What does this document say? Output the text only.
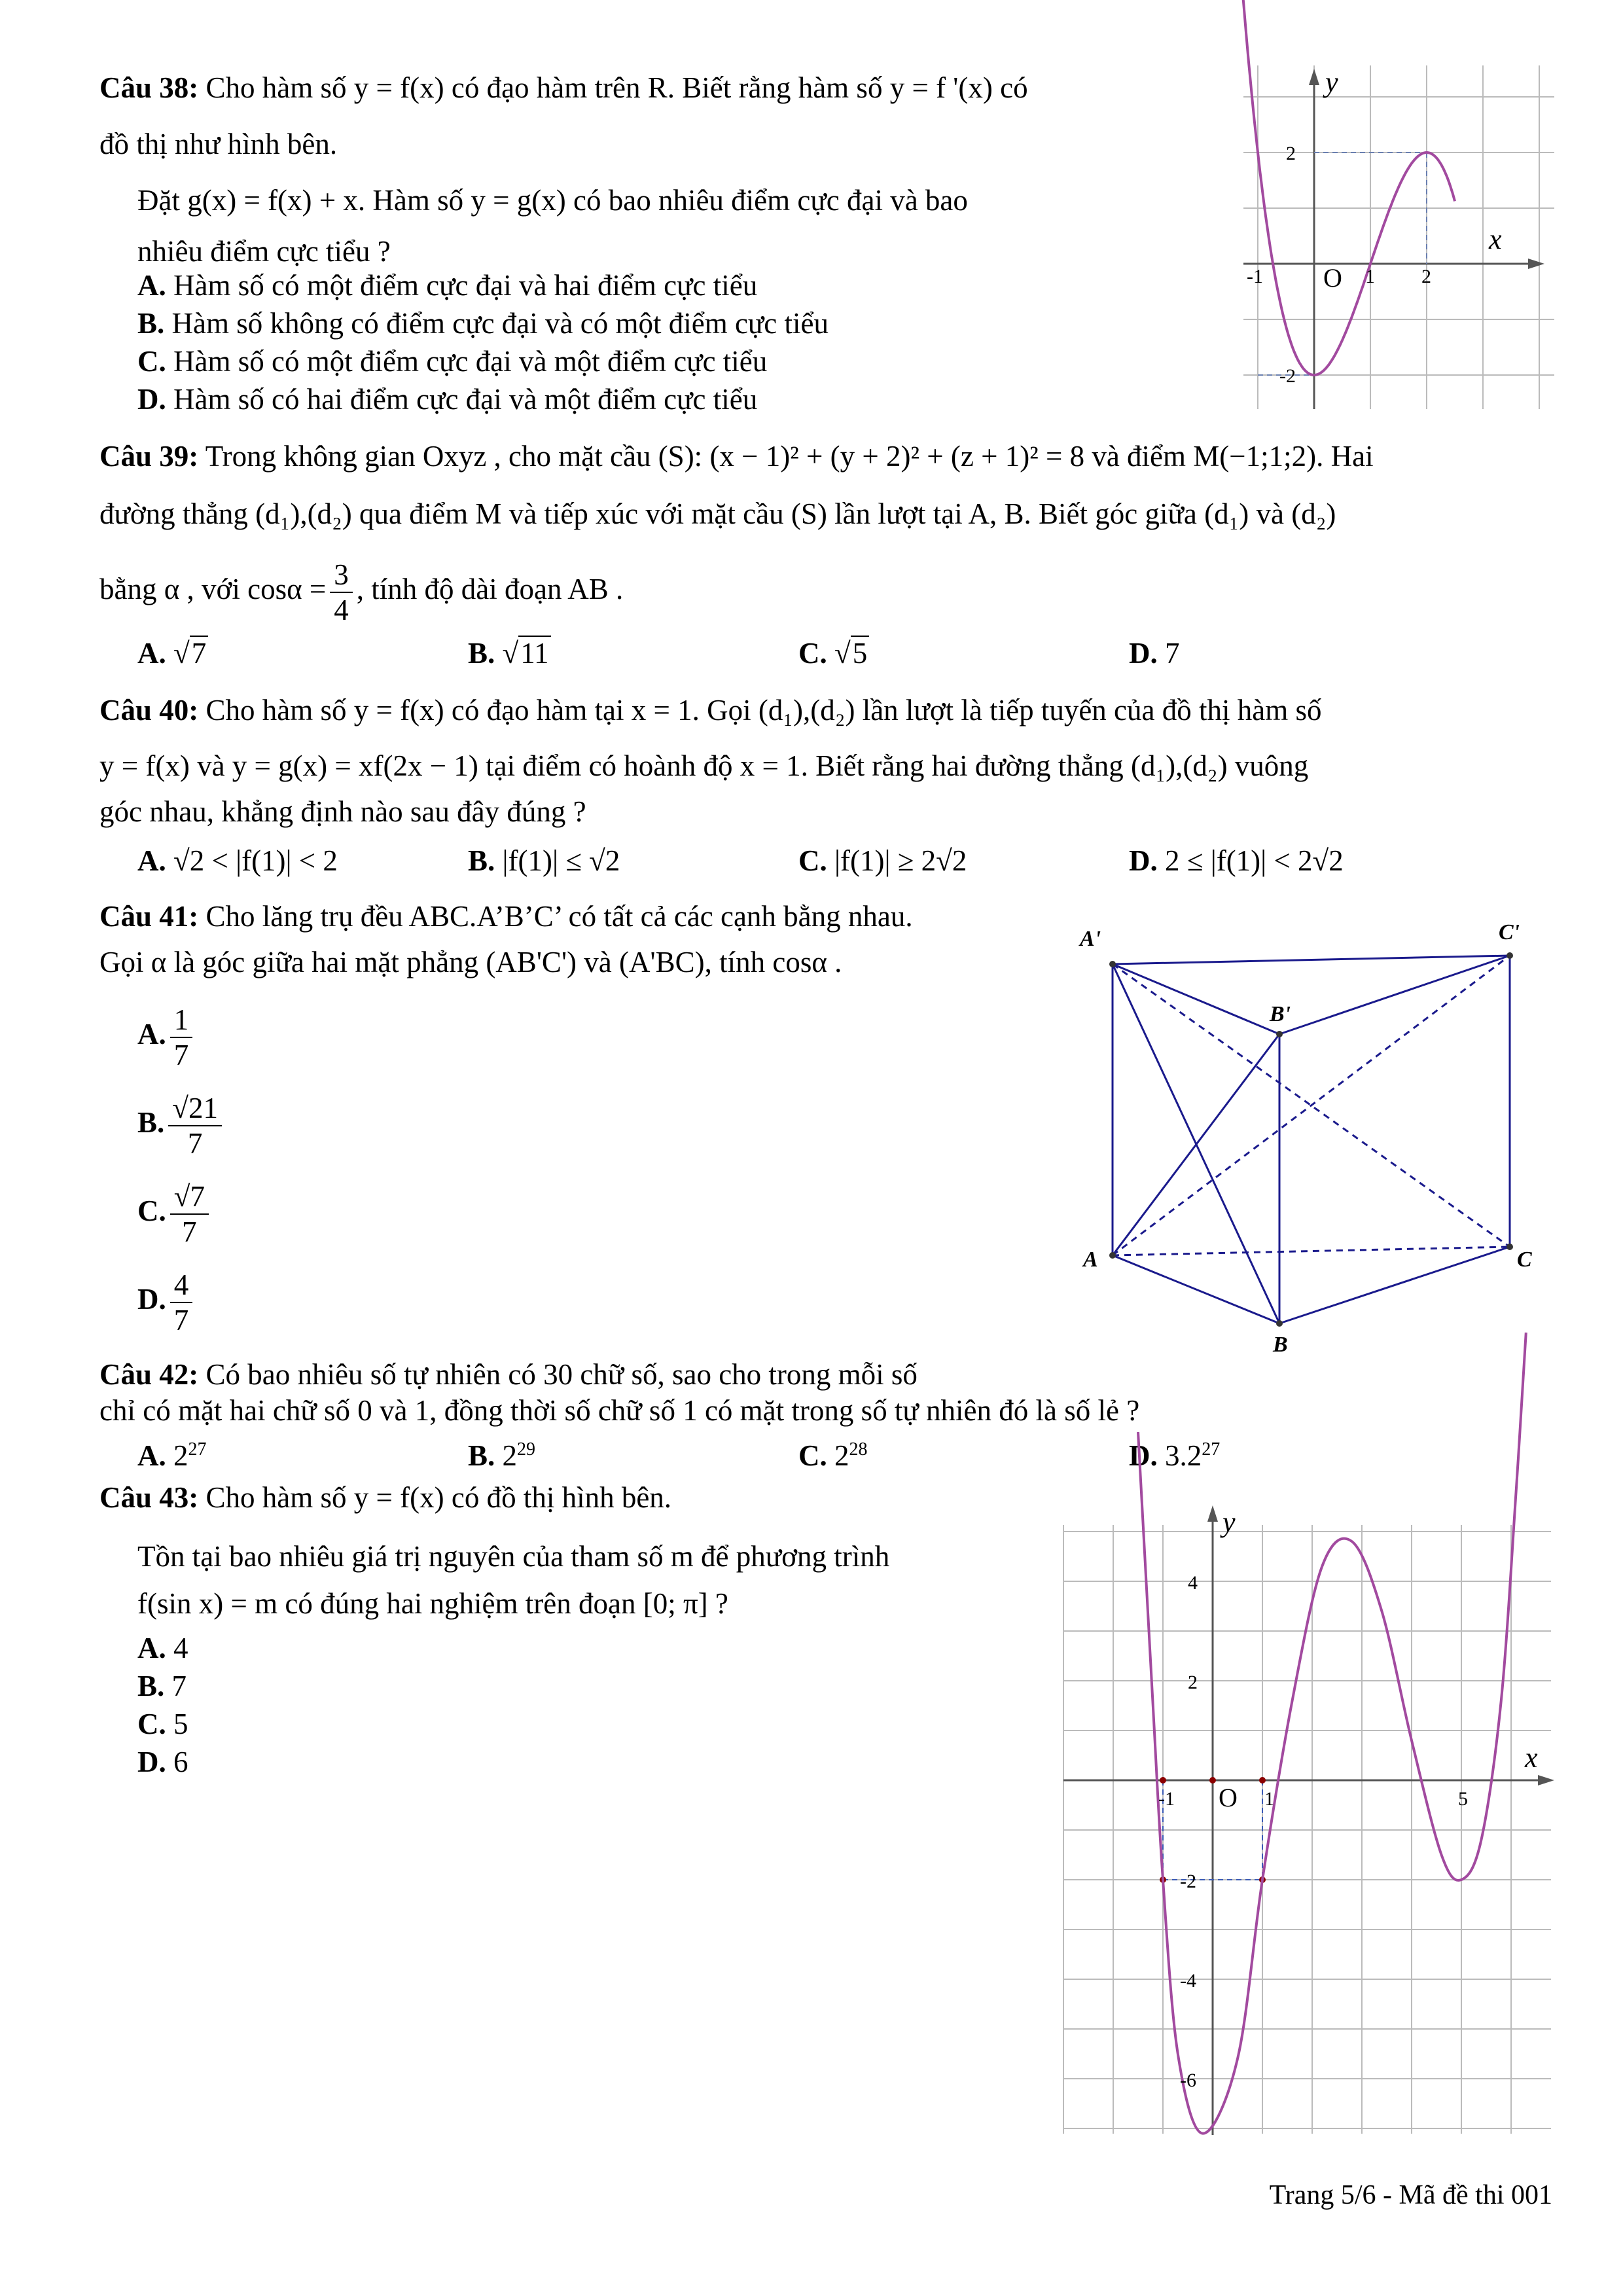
Câu 38: Cho hàm số y = f(x) có đạo hàm trên R. Biết rằng hàm số y = f '(x) có
đồ thị như hình bên.
Đặt g(x) = f(x) + x. Hàm số y = g(x) có bao nhiêu điểm cực đại và bao
nhiêu điểm cực tiểu ?
A. Hàm số có một điểm cực đại và hai điểm cực tiểu
B. Hàm số không có điểm cực đại và có một điểm cực tiểu
C. Hàm số có một điểm cực đại và một điểm cực tiểu
D. Hàm số có hai điểm cực đại và một điểm cực tiểu
y
x
O
2
-2
-1	1 2
Câu 39: Trong không gian Oxyz , cho mặt cầu (S): (x − 1)² + (y + 2)² + (z + 1)² = 8 và điểm M(−1;1;2). Hai
đường thẳng (d₁),(d₂) qua điểm M và tiếp xúc với mặt cầu (S) lần lượt tại A, B. Biết góc giữa (d₁) và (d₂)
bằng α , với $\cos\alpha = \frac{3}{4}$ , tính độ dài đoạn AB .
A. √7	B. √11	C. √5	D. 7
Câu 40: Cho hàm số y = f(x) có đạo hàm tại x = 1. Gọi (d₁),(d₂) lần lượt là tiếp tuyến của đồ thị hàm số
y = f(x) và y = g(x) = xf(2x − 1) tại điểm có hoành độ x = 1. Biết rằng hai đường thẳng (d₁),(d₂) vuông
góc nhau, khẳng định nào sau đây đúng ?
A. √2 < |f(1)| < 2	B. |f(1)| ≤ √2	C. |f(1)| ≥ 2√2	D. 2 ≤ |f(1)| < 2√2
Câu 41: Cho lăng trụ đều ABC.A’B’C’ có tất cả các cạnh bằng nhau.
Gọi α là góc giữa hai mặt phẳng (AB'C') và (A'BC), tính cosα .
A. $\frac{1}{7}$
B. $\frac{√21}{7}$
C. $\frac{√7}{7}$
D. $\frac{4}{7}$
A'	C'
B'
A
B
C
Câu 42: Có bao nhiêu số tự nhiên có 30 chữ số, sao cho trong mỗi số
chỉ có mặt hai chữ số 0 và 1, đồng thời số chữ số 1 có mặt trong số tự nhiên đó là số lẻ ?
A. $2^{27}$	B. $2^{29}$	C. $2^{28}$	D. $3.2^{27}$
Câu 43: Cho hàm số y = f(x) có đồ thị hình bên.
Tồn tại bao nhiêu giá trị nguyên của tham số m để phương trình
f(sin x) = m có đúng hai nghiệm trên đoạn [0; π] ?
A. 4
B. 7
C. 5
D. 6
y
x
O
4
2
-2
-4
-6
-1	1	5
Trang 5/6 - Mã đề thi 001
